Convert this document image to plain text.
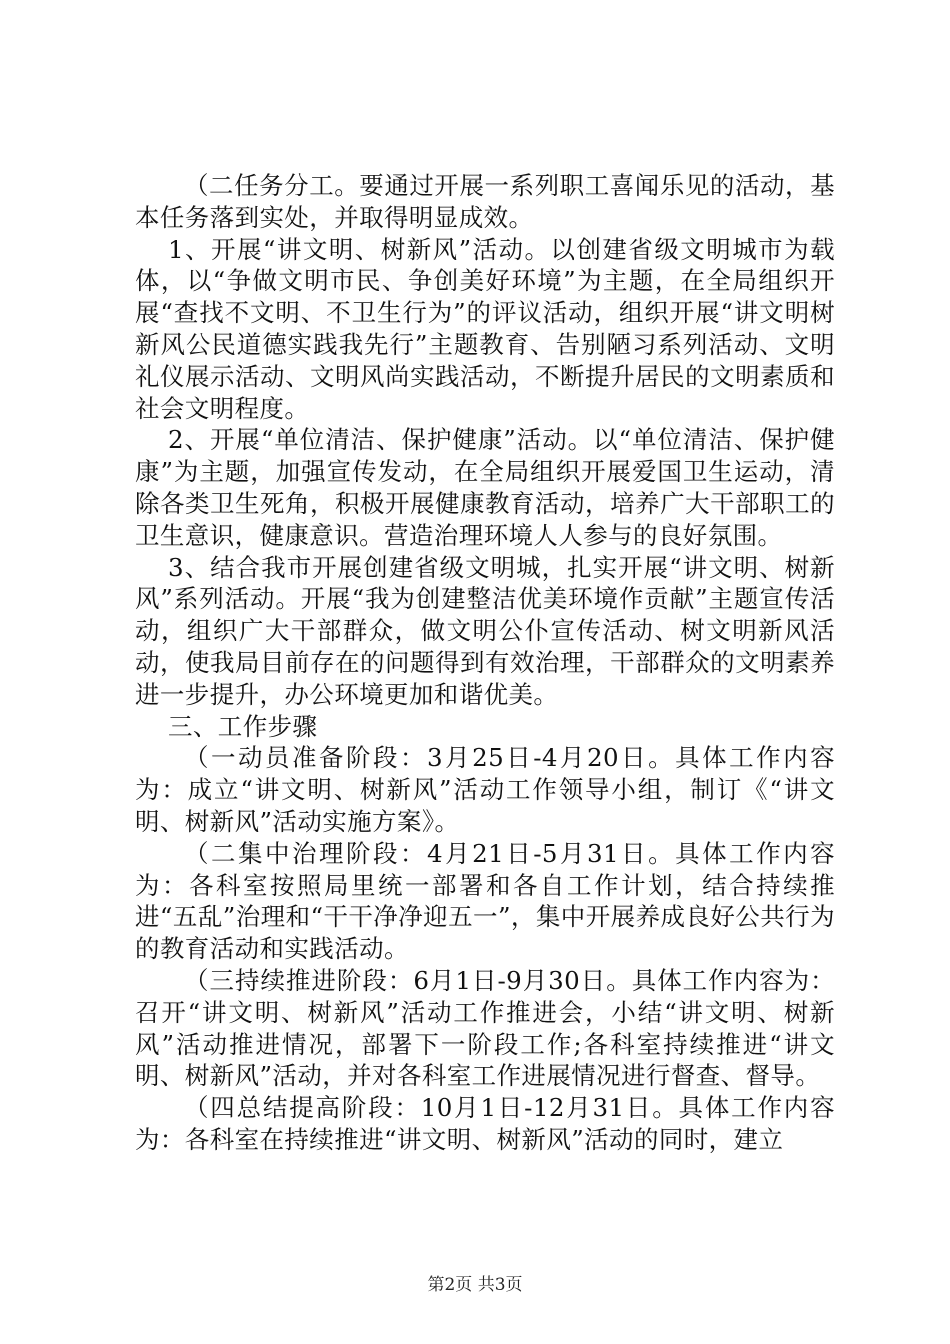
（二任务分工。要通过开展一系列职工喜闻乐见的活动，基本任务落到实处，并取得明显成效。

1、开展“讲文明、树新风”活动。以创建省级文明城市为载体，以“争做文明市民、争创美好环境”为主题，在全局组织开展“查找不文明、不卫生行为”的评议活动，组织开展“讲文明树新风公民道德实践我先行”主题教育、告别陋习系列活动、文明礼仪展示活动、文明风尚实践活动，不断提升居民的文明素质和社会文明程度。

2、开展“单位清洁、保护健康”活动。以“单位清洁、保护健康”为主题，加强宣传发动，在全局组织开展爱国卫生运动，清除各类卫生死角，积极开展健康教育活动，培养广大干部职工的卫生意识，健康意识。营造治理环境人人参与的良好氛围。

3、结合我市开展创建省级文明城，扎实开展“讲文明、树新风”系列活动。开展“我为创建整洁优美环境作贡献”主题宣传活动，组织广大干部群众，做文明公仆宣传活动、树文明新风活动，使我局目前存在的问题得到有效治理，干部群众的文明素养进一步提升，办公环境更加和谐优美。

三、工作步骤

（一动员准备阶段：3月25日-4月20日。具体工作内容为：成立“讲文明、树新风”活动工作领导小组，制订《“讲文明、树新风”活动实施方案》。

（二集中治理阶段：4月21日-5月31日。具体工作内容为：各科室按照局里统一部署和各自工作计划，结合持续推进“五乱”治理和“干干净净迎五一”，集中开展养成良好公共行为的教育活动和实践活动。

（三持续推进阶段：6月1日-9月30日。具体工作内容为：召开“讲文明、树新风”活动工作推进会，小结“讲文明、树新风”活动推进情况，部署下一阶段工作;各科室持续推进“讲文明、树新风”活动，并对各科室工作进展情况进行督查、督导。

（四总结提高阶段：10月1日-12月31日。具体工作内容为：各科室在持续推进“讲文明、树新风”活动的同时，建立

第2页 共3页
